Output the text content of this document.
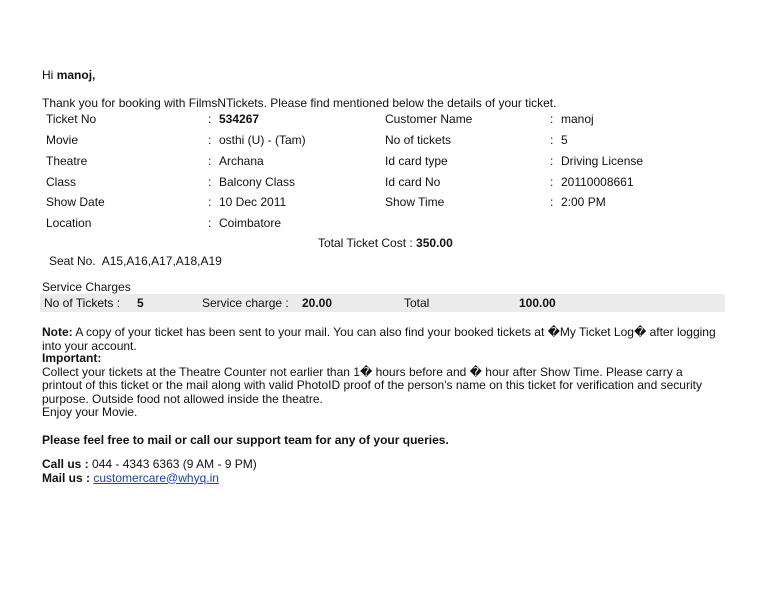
Hi manoj,
Thank you for booking with FilmsNTickets. Please find mentioned below the details of your ticket.
Ticket No	: 534267	Customer Name	: manoj
Movie	: osthi (U) - (Tam)	No of tickets	: 5
Theatre	: Archana	Id card type	: Driving License
Class	: Balcony Class	Id card No	: 20110008661
Show Date	: 10 Dec 2011	Show Time	: 2:00 PM
Location	: Coimbatore
Total Ticket Cost : 350.00
Seat No. A15,A16,A17,A18,A19
Service Charges
No of Tickets : 5	Service charge : 20.00	Total	100.00
Note: A copy of your ticket has been sent to your mail. You can also find your booked tickets at �My Ticket Log� after logging into your account.
Important:
Collect your tickets at the Theatre Counter not earlier than 1� hours before and � hour after Show Time. Please carry a printout of this ticket or the mail along with valid PhotoID proof of the person's name on this ticket for verification and security purpose. Outside food not allowed inside the theatre.
Enjoy your Movie.
Please feel free to mail or call our support team for any of your queries.
Call us : 044 - 4343 6363 (9 AM - 9 PM)
Mail us : customercare@whyq.in
